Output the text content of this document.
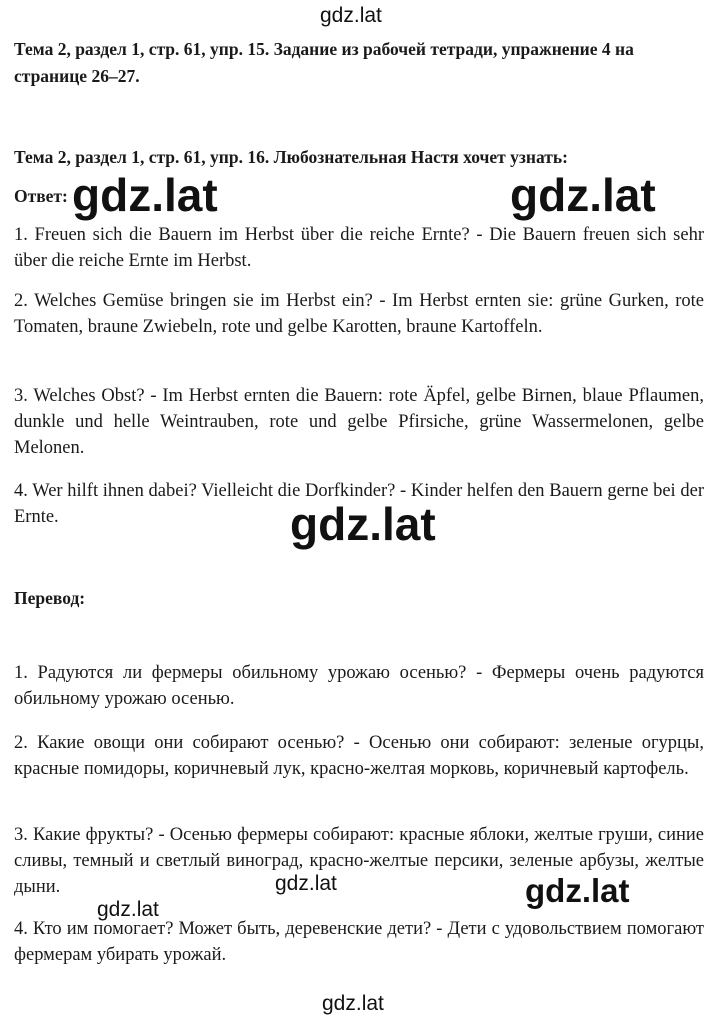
gdz.lat
Тема 2, раздел 1, стр. 61, упр. 15. Задание из рабочей тетради, упражнение 4 на странице 26–27.
Тема 2, раздел 1, стр. 61, упр. 16. Любознательная Настя хочет узнать:
Ответ: gdz.lat	gdz.lat
1. Freuen sich die Bauern im Herbst über die reiche Ernte? - Die Bauern freuen sich sehr über die reiche Ernte im Herbst.
2. Welches Gemüse bringen sie im Herbst ein? - Im Herbst ernten sie: grüne Gurken, rote Tomaten, braune Zwiebeln, rote und gelbe Karotten, braune Kartoffeln.
3. Welches Obst? - Im Herbst ernten die Bauern: rote Äpfel, gelbe Birnen, blaue Pflaumen, dunkle und helle Weintrauben, rote und gelbe Pfirsiche, grüne Wassermelonen, gelbe Melonen.
4. Wer hilft ihnen dabei? Vielleicht die Dorfkinder? - Kinder helfen den Bauern gerne bei der Ernte.	gdz.lat
Перевод:
1. Радуются ли фермеры обильному урожаю осенью? - Фермеры очень радуются обильному урожаю осенью.
2. Какие овощи они собирают осенью? - Осенью они собирают: зеленые огурцы, красные помидоры, коричневый лук, красно-желтая морковь, коричневый картофель.
3. Какие фрукты? - Осенью фермеры собирают: красные яблоки, желтые груши, синие сливы, темный и светлый виноград, красно-желтые персики, зеленые арбузы, желтые дыни.
4. Кто им помогает? Может быть, деревенские дети? - Дети с удовольствием помогают фермерам убирать урожай.
gdz.lat	gdz.lat
gdz.lat
gdz.lat
